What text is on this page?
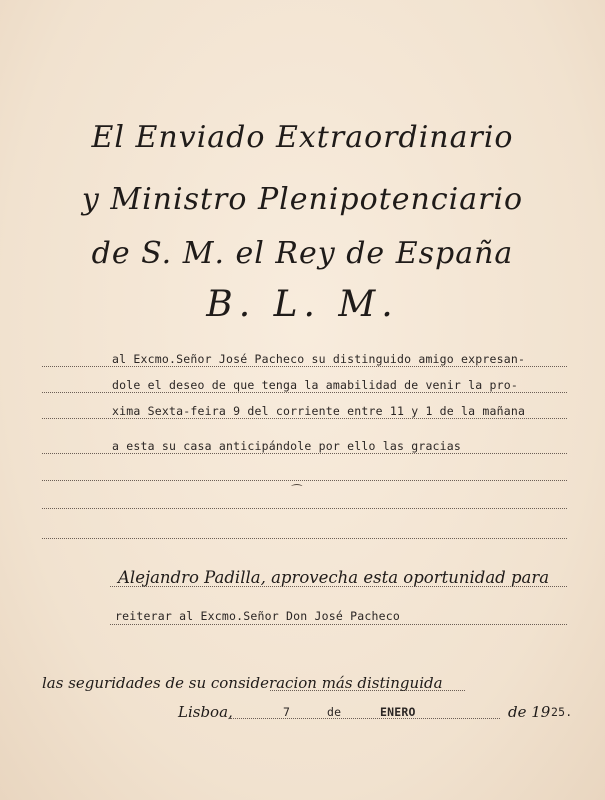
El Enviado Extraordinario
y Ministro Plenipotenciario
de S. M. el Rey de España
B. L. M.
al Excmo.Señor José Pacheco su distinguido amigo expresan-
dole el deseo de que tenga la amabilidad de venir la pro-
xima Sexta-feira 9 del corriente entre 11 y 1 de la mañana
a esta su casa anticipándole por ello las gracias
⁀
Alejandro Padilla, aprovecha esta oportunidad para
reiterar al Excmo.Señor Don José Pacheco
las seguridades de su consideracion más distinguida
Lisboa,	7	de	ENERO	de 19 25.
